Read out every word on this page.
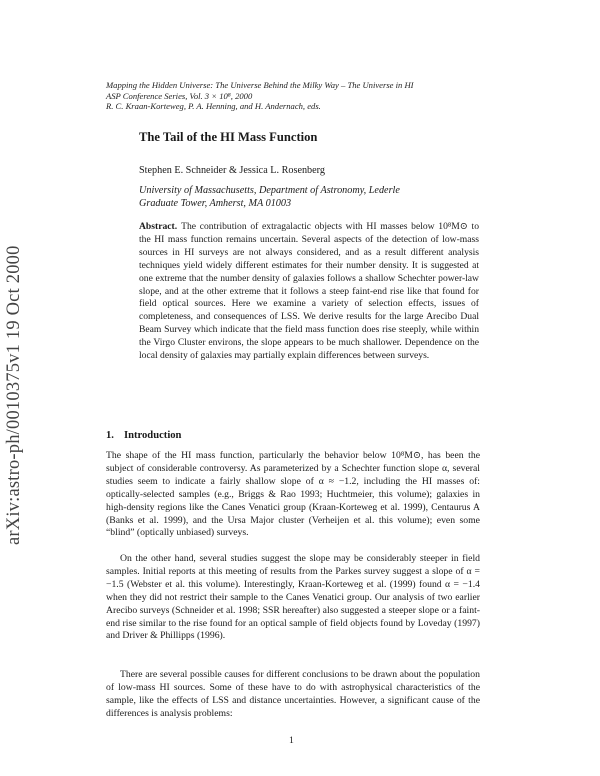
arXiv:astro-ph/0010375v1 19 Oct 2000
Mapping the Hidden Universe: The Universe Behind the Milky Way – The Universe in HI
ASP Conference Series, Vol. 3 × 10⁸, 2000
R. C. Kraan-Korteweg, P. A. Henning, and H. Andernach, eds.
The Tail of the HI Mass Function
Stephen E. Schneider & Jessica L. Rosenberg
University of Massachusetts, Department of Astronomy, Lederle
Graduate Tower, Amherst, MA 01003
Abstract. The contribution of extragalactic objects with HI masses below 10⁸M⊙ to the HI mass function remains uncertain. Several aspects of the detection of low-mass sources in HI surveys are not always considered, and as a result different analysis techniques yield widely different estimates for their number density. It is suggested at one extreme that the number density of galaxies follows a shallow Schechter power-law slope, and at the other extreme that it follows a steep faint-end rise like that found for field optical sources. Here we examine a variety of selection effects, issues of completeness, and consequences of LSS. We derive results for the large Arecibo Dual Beam Survey which indicate that the field mass function does rise steeply, while within the Virgo Cluster environs, the slope appears to be much shallower. Dependence on the local density of galaxies may partially explain differences between surveys.
1. Introduction
The shape of the HI mass function, particularly the behavior below 10⁸M⊙, has been the subject of considerable controversy. As parameterized by a Schechter function slope α, several studies seem to indicate a fairly shallow slope of α ≈ −1.2, including the HI masses of: optically-selected samples (e.g., Briggs & Rao 1993; Huchtmeier, this volume); galaxies in high-density regions like the Canes Venatici group (Kraan-Korteweg et al. 1999), Centaurus A (Banks et al. 1999), and the Ursa Major cluster (Verheijen et al. this volume); even some “blind” (optically unbiased) surveys.
On the other hand, several studies suggest the slope may be considerably steeper in field samples. Initial reports at this meeting of results from the Parkes survey suggest a slope of α = −1.5 (Webster et al. this volume). Interestingly, Kraan-Korteweg et al. (1999) found α = −1.4 when they did not restrict their sample to the Canes Venatici group. Our analysis of two earlier Arecibo surveys (Schneider et al. 1998; SSR hereafter) also suggested a steeper slope or a faint-end rise similar to the rise found for an optical sample of field objects found by Loveday (1997) and Driver & Phillipps (1996).
There are several possible causes for different conclusions to be drawn about the population of low-mass HI sources. Some of these have to do with astrophysical characteristics of the sample, like the effects of LSS and distance uncertainties. However, a significant cause of the differences is analysis problems:
1
